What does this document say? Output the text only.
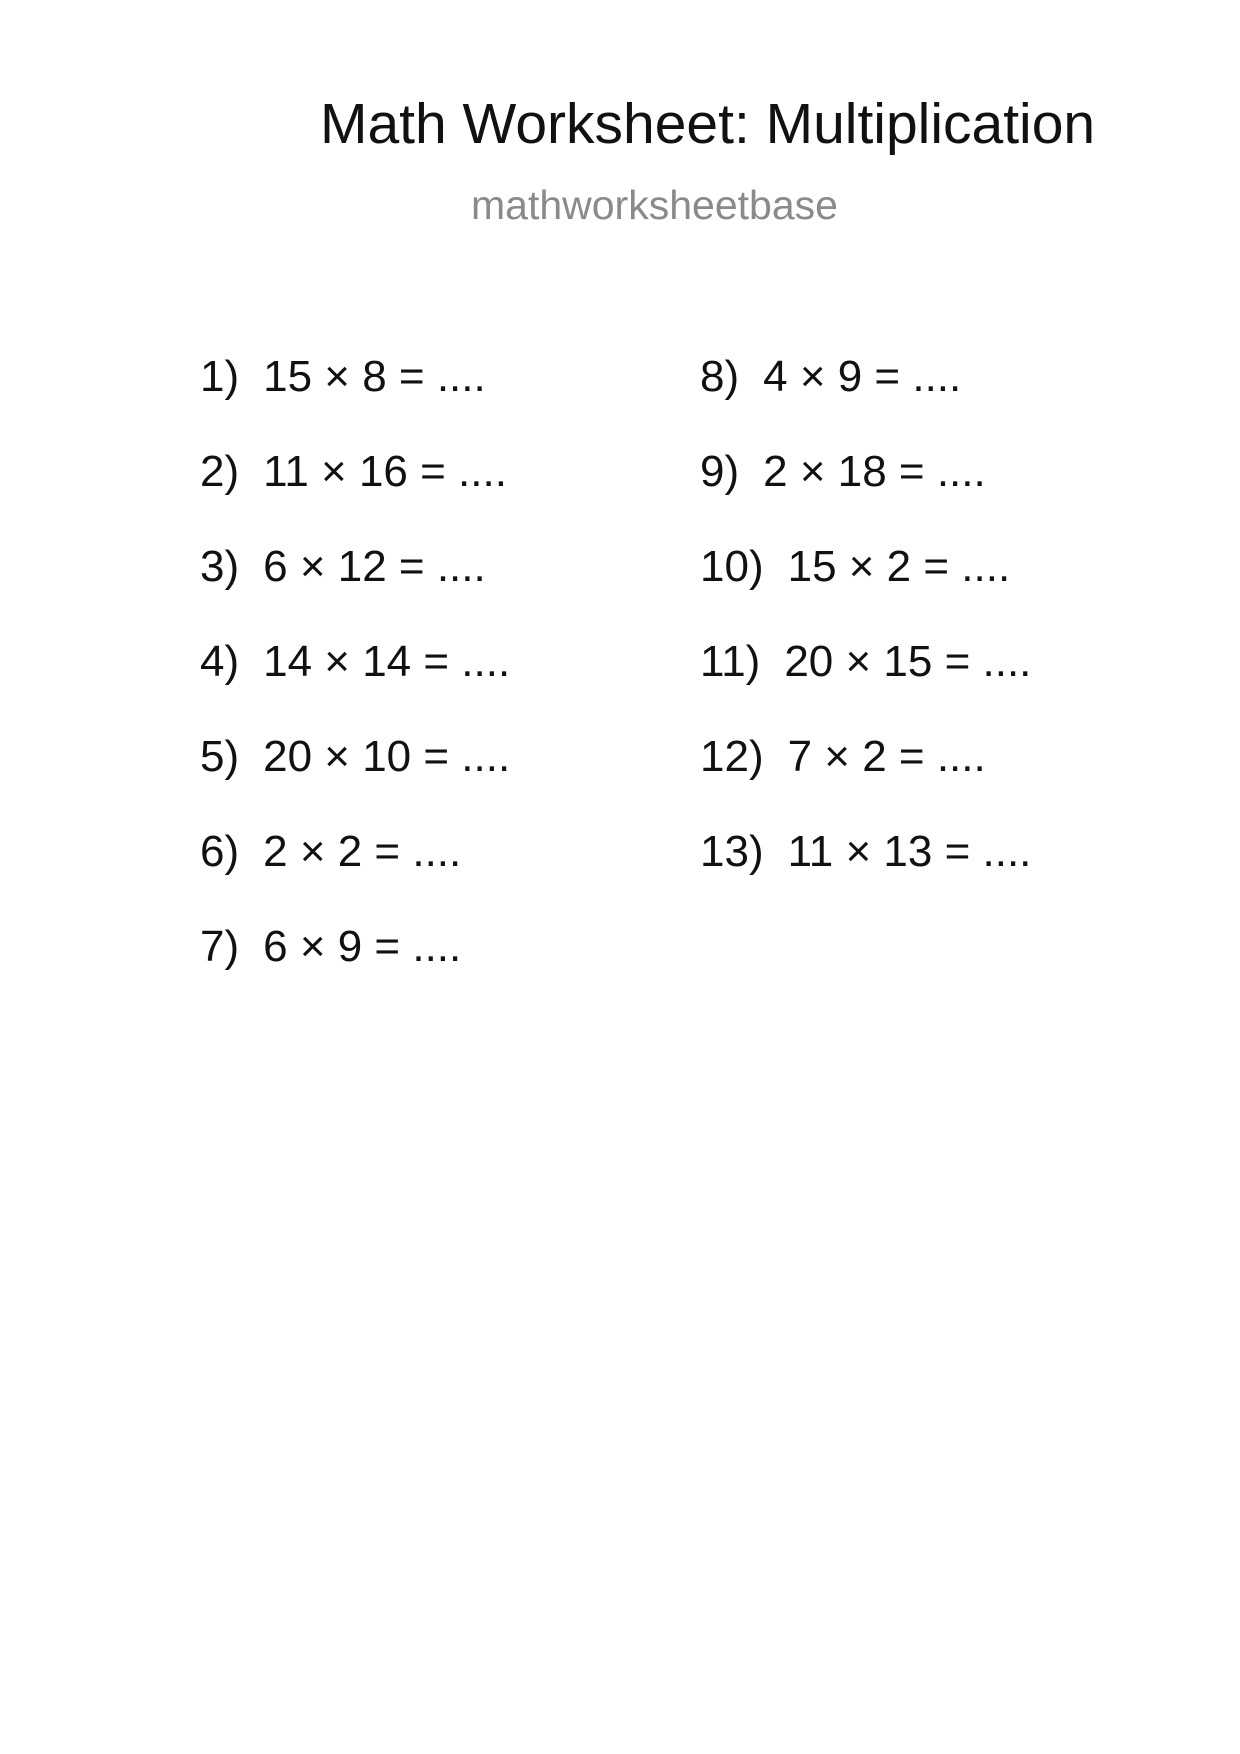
Math Worksheet: Multiplication
mathworksheetbase
1) 15 × 8 = ....
2) 11 × 16 = ....
3) 6 × 12 = ....
4) 14 × 14 = ....
5) 20 × 10 = ....
6) 2 × 2 = ....
7) 6 × 9 = ....
8) 4 × 9 = ....
9) 2 × 18 = ....
10) 15 × 2 = ....
11) 20 × 15 = ....
12) 7 × 2 = ....
13) 11 × 13 = ....
